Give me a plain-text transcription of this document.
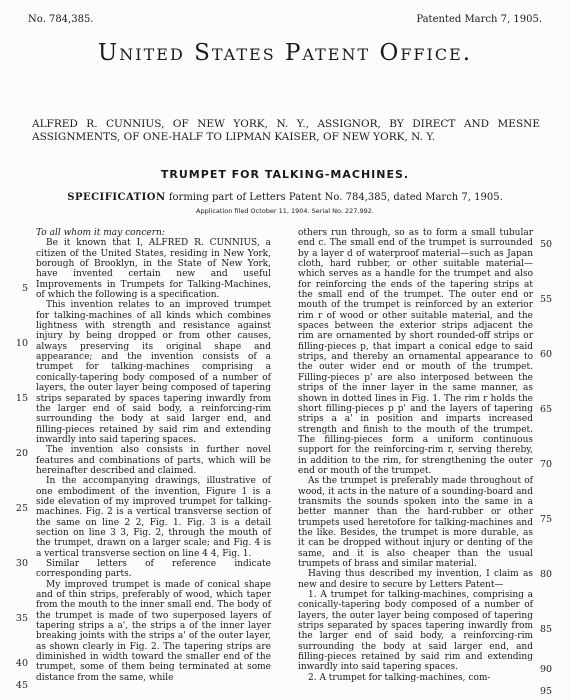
No. 784,385.	Patented March 7, 1905.
United States Patent Office.
ALFRED R. CUNNIUS, OF NEW YORK, N. Y., ASSIGNOR, BY DIRECT AND MESNE ASSIGNMENTS, OF ONE-HALF TO LIPMAN KAISER, OF NEW YORK, N. Y.
TRUMPET FOR TALKING-MACHINES.
SPECIFICATION forming part of Letters Patent No. 784,385, dated March 7, 1905.
Application filed October 11, 1904. Serial No. 227,992.

To all whom it may concern:

Be it known that I, ALFRED R. CUNNIUS, a citizen of the United States, residing in New York, borough of Brooklyn, in the State of New York, have invented certain new and useful Improvements in Trumpets for Talking-Machines, of which the following is a specification.

This invention relates to an improved trumpet for talking-machines of all kinds which combines lightness with strength and resistance against injury by being dropped or from other causes, always preserving its original shape and appearance; and the invention consists of a trumpet for talking-machines comprising a conically-tapering body composed of a number of layers, the outer layer being composed of tapering strips separated by spaces tapering inwardly from the larger end of said body, a reinforcing-rim surrounding the body at said larger end, and filling-pieces retained by said rim and extending inwardly into said tapering spaces.

The invention also consists in further novel features and combinations of parts, which will be hereinafter described and claimed.

In the accompanying drawings, illustrative of one embodiment of the invention, Figure 1 is a side elevation of my improved trumpet for talking-machines. Fig. 2 is a vertical transverse section of the same on line 2 2, Fig. 1. Fig. 3 is a detail section on line 3 3, Fig. 2, through the mouth of the trumpet, drawn on a larger scale; and Fig. 4 is a vertical transverse section on line 4 4, Fig. 1.

Similar letters of reference indicate corresponding parts.

My improved trumpet is made of conical shape and of thin strips, preferably of wood, which taper from the mouth to the inner small end. The body of the trumpet is made of two superposed layers of tapering strips a a', the strips a of the inner layer breaking joints with the strips a' of the outer layer, as shown clearly in Fig. 2. The tapering strips are diminished in width toward the smaller end of the trumpet, some of them being terminated at some distance from the same, while

others run through, so as to form a small tubular end c. The small end of the trumpet is surrounded by a layer d of waterproof material—such as Japan cloth, hard rubber, or other suitable material—which serves as a handle for the trumpet and also for reinforcing the ends of the tapering strips at the small end of the trumpet. The outer end or mouth of the trumpet is reinforced by an exterior rim r of wood or other suitable material, and the spaces between the exterior strips adjacent the rim are ornamented by short rounded-off strips or filling-pieces p, that impart a conical edge to said strips, and thereby an ornamental appearance to the outer wider end or mouth of the trumpet. Filling-pieces p' are also interposed between the strips of the inner layer in the same manner, as shown in dotted lines in Fig. 1. The rim r holds the short filling-pieces p p' and the layers of tapering strips a a' in position and imparts increased strength and finish to the mouth of the trumpet. The filling-pieces form a uniform continuous support for the reinforcing-rim r, serving thereby, in addition to the rim, for strengthening the outer end or mouth of the trumpet.

As the trumpet is preferably made throughout of wood, it acts in the nature of a sounding-board and transmits the sounds spoken into the same in a better manner than the hard-rubber or other trumpets used heretofore for talking-machines and the like. Besides, the trumpet is more durable, as it can be dropped without injury or denting of the same, and it is also cheaper than the usual trumpets of brass and similar material.

Having thus described my invention, I claim as new and desire to secure by Letters Patent—

1. A trumpet for talking-machines, comprising a conically-tapering body composed of a number of layers, the outer layer being composed of tapering strips separated by spaces tapering inwardly from the larger end of said body, a reinforcing-rim surrounding the body at said larger end, and filling-pieces retained by said rim and extending inwardly into said tapering spaces.

2. A trumpet for talking-machines, com-

5
10
15
20
25
30
35
40
45
50
55
60
65
70
75
80
85
90
95
